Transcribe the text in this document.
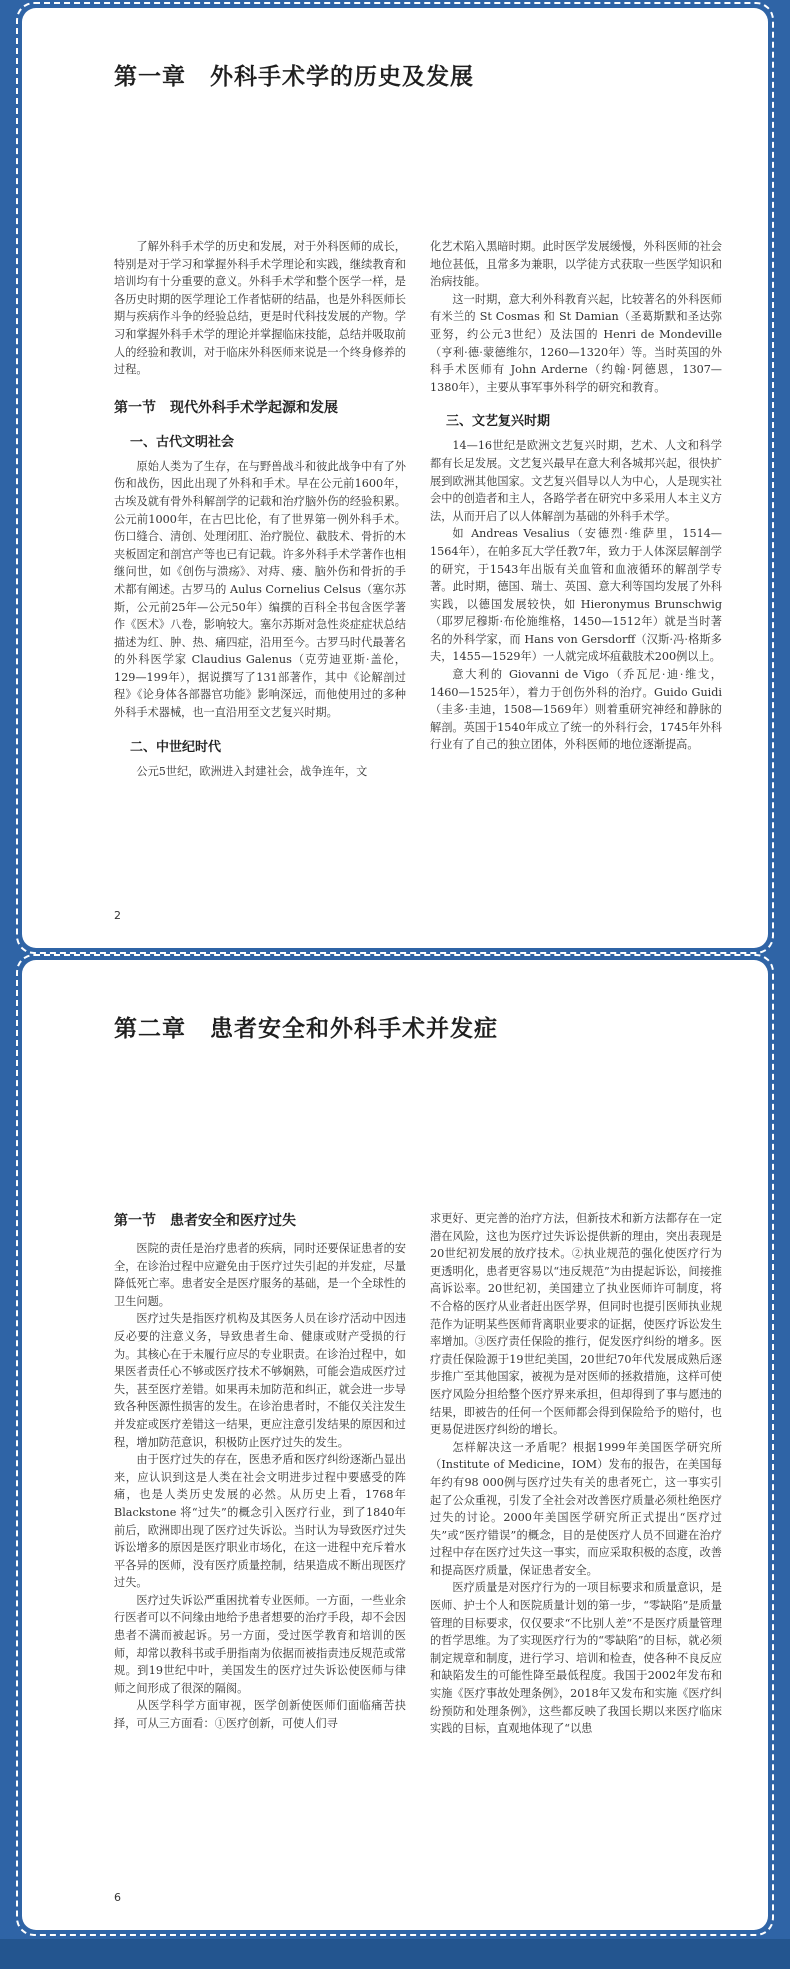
第一章　外科手术学的历史及发展

了解外科手术学的历史和发展，对于外科医师的成长，特别是对于学习和掌握外科手术学理论和实践，继续教育和培训均有十分重要的意义。外科手术学和整个医学一样，是各历史时期的医学理论工作者惦研的结晶，也是外科医师长期与疾病作斗争的经验总结，更是时代科技发展的产物。学习和掌握外科手术学的理论并掌握临床技能，总结并吸取前人的经验和教训，对于临床外科医师来说是一个终身修养的过程。

第一节　现代外科手术学起源和发展
一、古代文明社会

原始人类为了生存，在与野兽战斗和彼此战争中有了外伤和战伤，因此出现了外科和手术。早在公元前1600年，古埃及就有骨外科解剖学的记载和治疗脑外伤的经验积累。公元前1000年，在古巴比伦，有了世界第一例外科手术。伤口缝合、清创、处理闭肛、治疗脱位、截肢术、骨折的木夹板固定和剖宫产等也已有记载。许多外科手术学著作也相继问世，如《创伤与溃疡》、对痔、瘘、脑外伤和骨折的手术都有阐述。古罗马的 Aulus Cornelius Celsus（塞尔苏斯，公元前25年—公元50年）编撰的百科全书包含医学著作《医术》八卷，影响较大。塞尔苏斯对急性炎症症状总结描述为红、肿、热、痛四症，沿用至今。古罗马时代最著名的外科医学家 Claudius Galenus（克劳迪亚斯·盖伦，129—199年），据说撰写了131部著作，其中《论解剖过程》《论身体各部器官功能》影响深远，而他使用过的多种外科手术器械，也一直沿用至文艺复兴时期。

二、中世纪时代

公元5世纪，欧洲进入封建社会，战争连年，文

化艺术陷入黑暗时期。此时医学发展缓慢，外科医师的社会地位甚低，且常多为兼职，以学徒方式获取一些医学知识和治病技能。

这一时期，意大利外科教育兴起，比较著名的外科医师有米兰的 St Cosmas 和 St Damian（圣葛斯默和圣达弥亚努，约公元3世纪）及法国的 Henri de Mondeville（亨利·德·蒙德维尔，1260—1320年）等。当时英国的外科手术医师有 John Arderne（约翰·阿德恩，1307—1380年），主要从事军事外科学的研究和教育。

三、文艺复兴时期

14—16世纪是欧洲文艺复兴时期，艺术、人文和科学都有长足发展。文艺复兴最早在意大利各城邦兴起，很快扩展到欧洲其他国家。文艺复兴倡导以人为中心，人是现实社会中的创造者和主人，各路学者在研究中多采用人本主义方法，从而开启了以人体解剖为基础的外科手术学。

如 Andreas Vesalius（安德烈·维萨里，1514—1564年），在帕多瓦大学任教7年，致力于人体深层解剖学的研究，于1543年出版有关血管和血液循环的解剖学专著。此时期，德国、瑞士、英国、意大利等国均发展了外科实践，以德国发展较快，如 Hieronymus Brunschwig（耶罗尼穆斯·布伦施维格，1450—1512年）就是当时著名的外科学家，而 Hans von Gersdorff（汉斯·冯·格斯多夫，1455—1529年）一人就完成坏疽截肢术200例以上。

意大利的 Giovanni de Vigo（乔瓦尼·迪·维戈，1460—1525年），着力于创伤外科的治疗。Guido Guidi（圭多·圭迪，1508—1569年）则着重研究神经和静脉的解剖。英国于1540年成立了统一的外科行会，1745年外科行业有了自己的独立团体，外科医师的地位逐渐提高。

2
第二章　患者安全和外科手术并发症
第一节　患者安全和医疗过失

医院的责任是治疗患者的疾病，同时还要保证患者的安全，在诊治过程中应避免由于医疗过失引起的并发症，尽量降低死亡率。患者安全是医疗服务的基础，是一个全球性的卫生问题。

医疗过失是指医疗机构及其医务人员在诊疗活动中因违反必要的注意义务，导致患者生命、健康或财产受损的行为。其核心在于未履行应尽的专业职责。在诊治过程中，如果医者责任心不够或医疗技术不够娴熟，可能会造成医疗过失，甚至医疗差错。如果再未加防范和纠正，就会进一步导致各种医源性损害的发生。在诊治患者时，不能仅关注发生并发症或医疗差错这一结果，更应注意引发结果的原因和过程，增加防范意识，积极防止医疗过失的发生。

由于医疗过失的存在，医患矛盾和医疗纠纷逐渐凸显出来，应认识到这是人类在社会文明进步过程中要感受的阵痛，也是人类历史发展的必然。从历史上看，1768年 Blackstone 将“过失”的概念引入医疗行业，到了1840年前后，欧洲即出现了医疗过失诉讼。当时认为导致医疗过失诉讼增多的原因是医疗职业市场化，在这一进程中充斥着水平各异的医师，没有医疗质量控制，结果造成不断出现医疗过失。

医疗过失诉讼严重困扰着专业医师。一方面，一些业余行医者可以不问缘由地给予患者想要的治疗手段，却不会因患者不满而被起诉。另一方面，受过医学教育和培训的医师，却常以教科书或手册指南为依据而被指责违反规范或常规。到19世纪中叶，美国发生的医疗过失诉讼使医师与律师之间形成了很深的隔阂。

从医学科学方面审视，医学创新使医师们面临痛苦抉择，可从三方面看：①医疗创新，可使人们寻

求更好、更完善的治疗方法，但新技术和新方法都存在一定潜在风险，这也为医疗过失诉讼提供新的理由，突出表现是20世纪初发展的放疗技术。②执业规范的强化使医疗行为更透明化，患者更容易以“违反规范”为由提起诉讼，间接推高诉讼率。20世纪初，美国建立了执业医师许可制度，将不合格的医疗从业者赶出医学界，但同时也提引医师执业规范作为证明某些医师背离职业要求的证据，使医疗诉讼发生率增加。③医疗责任保险的推行，促发医疗纠纷的增多。医疗责任保险源于19世纪美国，20世纪70年代发展成熟后逐步推广至其他国家，被视为是对医师的拯救措施，这样可使医疗风险分担给整个医疗界来承担，但却得到了事与愿违的结果，即被告的任何一个医师都会得到保险给予的赔付，也更易促进医疗纠纷的增长。

怎样解决这一矛盾呢？根据1999年美国医学研究所（Institute of Medicine，IOM）发布的报告，在美国每年约有98 000例与医疗过失有关的患者死亡，这一事实引起了公众重视，引发了全社会对改善医疗质量必须杜绝医疗过失的讨论。2000年美国医学研究所正式提出“医疗过失”或“医疗错误”的概念，目的是使医疗人员不回避在治疗过程中存在医疗过失这一事实，而应采取积极的态度，改善和提高医疗质量，保证患者安全。

医疗质量是对医疗行为的一项目标要求和质量意识，是医师、护士个人和医院质量计划的第一步，“零缺陷”是质量管理的目标要求，仅仅要求“不比别人差”不是医疗质量管理的哲学思维。为了实现医疗行为的“零缺陷”的目标，就必须制定规章和制度，进行学习、培训和检查，使各种不良反应和缺陷发生的可能性降至最低程度。我国于2002年发布和实施《医疗事故处理条例》，2018年又发布和实施《医疗纠纷预防和处理条例》，这些都反映了我国长期以来医疗临床实践的目标，直观地体现了“以患

6
